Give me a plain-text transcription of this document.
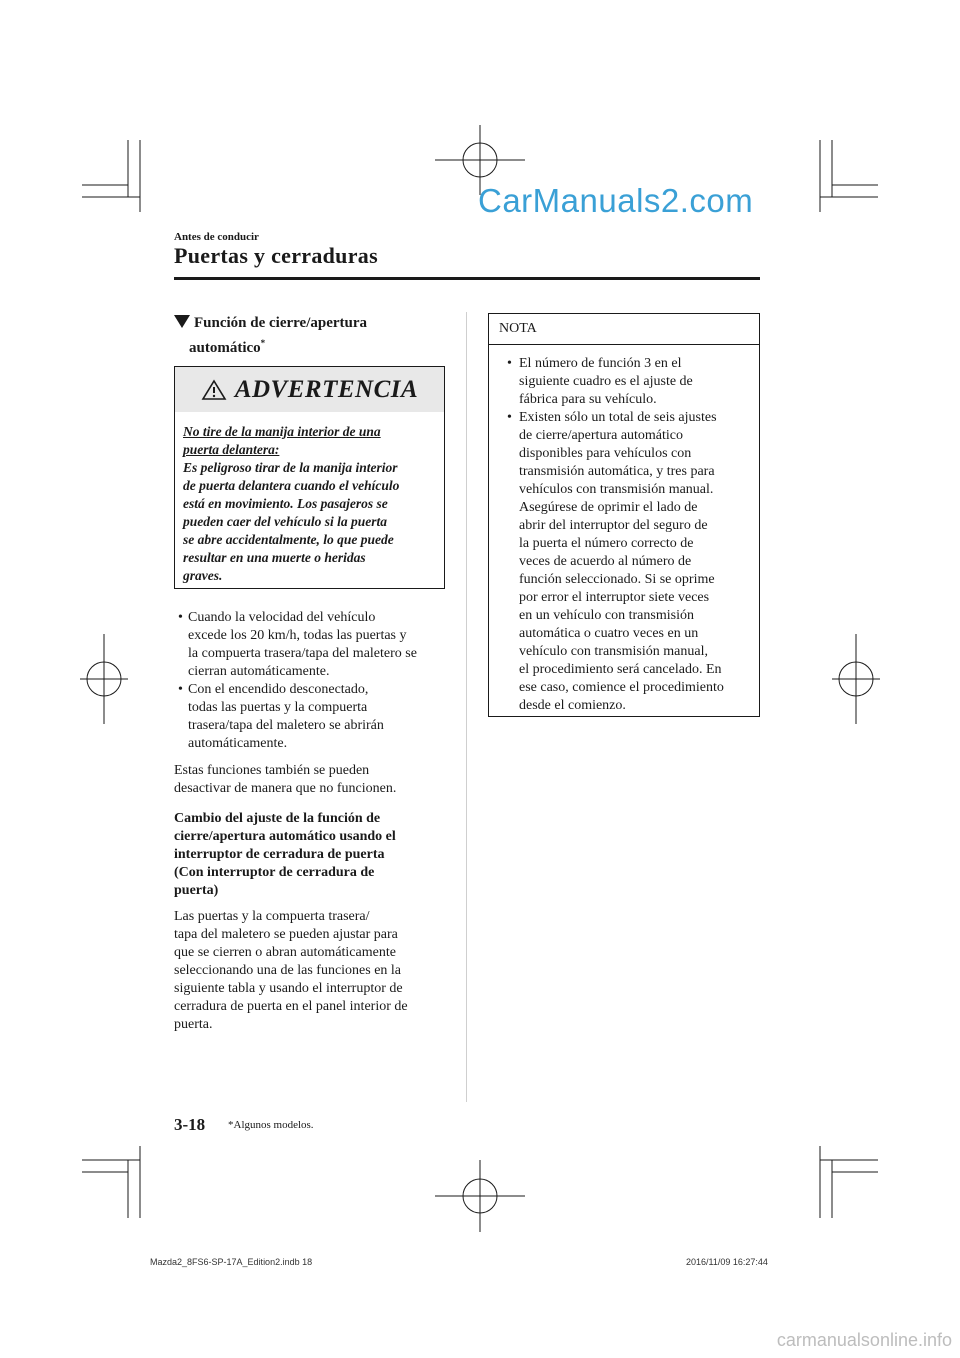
CarManuals2.com
Antes de conducir
Puertas y cerraduras
Función de cierre/apertura
automático*
ADVERTENCIA
No tire de la manija interior de una
puerta delantera:
Es peligroso tirar de la manija interior
de puerta delantera cuando el vehículo
está en movimiento. Los pasajeros se
pueden caer del vehículo si la puerta
se abre accidentalmente, lo que puede
resultar en una muerte o heridas
graves.
• Cuando la velocidad del vehículo
excede los 20 km/h, todas las puertas y
la compuerta trasera/tapa del maletero se
cierran automáticamente.
• Con el encendido desconectado,
todas las puertas y la compuerta
trasera/tapa del maletero se abrirán
automáticamente.
Estas funciones también se pueden
desactivar de manera que no funcionen.
Cambio del ajuste de la función de
cierre/apertura automático usando el
interruptor de cerradura de puerta
(Con interruptor de cerradura de
puerta)
Las puertas y la compuerta trasera/
tapa del maletero se pueden ajustar para
que se cierren o abran automáticamente
seleccionando una de las funciones en la
siguiente tabla y usando el interruptor de
cerradura de puerta en el panel interior de
puerta.
NOTA
• El número de función 3 en el
siguiente cuadro es el ajuste de
fábrica para su vehículo.
• Existen sólo un total de seis ajustes
de cierre/apertura automático
disponibles para vehículos con
transmisión automática, y tres para
vehículos con transmisión manual.
Asegúrese de oprimir el lado de
abrir del interruptor del seguro de
la puerta el número correcto de
veces de acuerdo al número de
función seleccionado. Si se oprime
por error el interruptor siete veces
en un vehículo con transmisión
automática o cuatro veces en un
vehículo con transmisión manual,
el procedimiento será cancelado. En
ese caso, comience el procedimiento
desde el comienzo.
3-18 *Algunos modelos.
Mazda2_8FS6-SP-17A_Edition2.indb 18	2016/11/09 16:27:44
carmanualsonline.info
